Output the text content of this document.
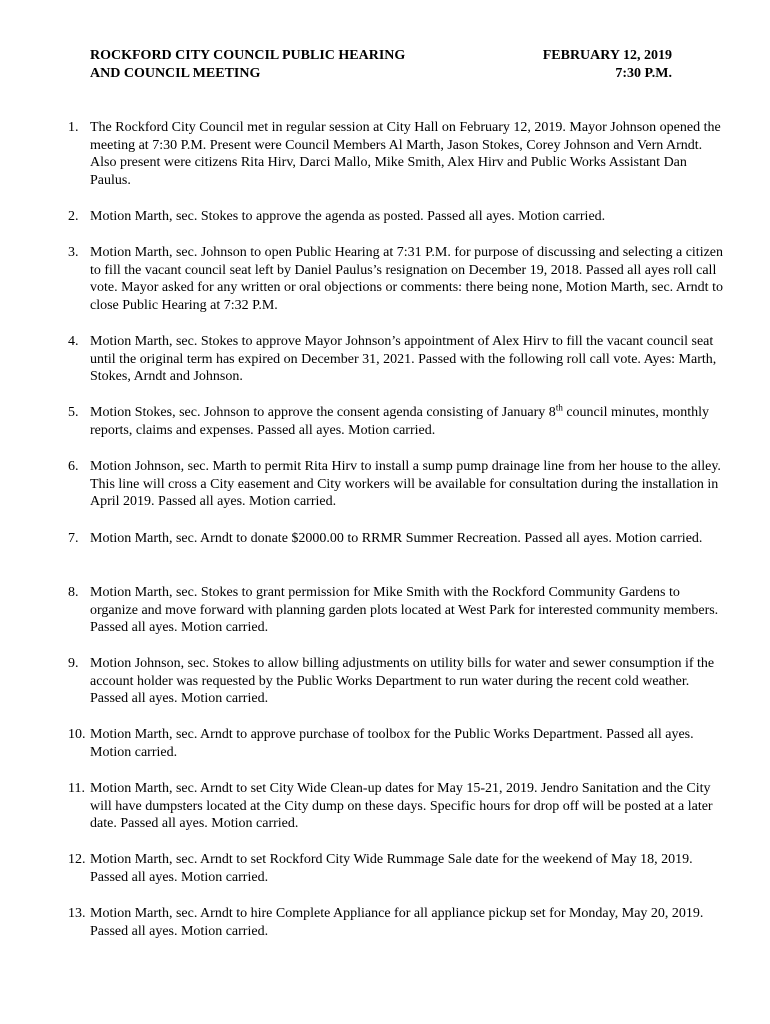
ROCKFORD CITY COUNCIL PUBLIC HEARING
AND COUNCIL MEETING
FEBRUARY 12, 2019
7:30 P.M.
1. The Rockford City Council met in regular session at City Hall on February 12, 2019. Mayor Johnson opened the meeting at 7:30 P.M. Present were Council Members Al Marth, Jason Stokes, Corey Johnson and Vern Arndt. Also present were citizens Rita Hirv, Darci Mallo, Mike Smith, Alex Hirv and Public Works Assistant Dan Paulus.
2. Motion Marth, sec. Stokes to approve the agenda as posted. Passed all ayes. Motion carried.
3. Motion Marth, sec. Johnson to open Public Hearing at 7:31 P.M. for purpose of discussing and selecting a citizen to fill the vacant council seat left by Daniel Paulus’s resignation on December 19, 2018. Passed all ayes roll call vote. Mayor asked for any written or oral objections or comments: there being none, Motion Marth, sec. Arndt to close Public Hearing at 7:32 P.M.
4. Motion Marth, sec. Stokes to approve Mayor Johnson’s appointment of Alex Hirv to fill the vacant council seat until the original term has expired on December 31, 2021. Passed with the following roll call vote. Ayes: Marth, Stokes, Arndt and Johnson.
5. Motion Stokes, sec. Johnson to approve the consent agenda consisting of January 8th council minutes, monthly reports, claims and expenses. Passed all ayes. Motion carried.
6. Motion Johnson, sec. Marth to permit Rita Hirv to install a sump pump drainage line from her house to the alley. This line will cross a City easement and City workers will be available for consultation during the installation in April 2019. Passed all ayes. Motion carried.
7. Motion Marth, sec. Arndt to donate $2000.00 to RRMR Summer Recreation. Passed all ayes. Motion carried.
8. Motion Marth, sec. Stokes to grant permission for Mike Smith with the Rockford Community Gardens to organize and move forward with planning garden plots located at West Park for interested community members. Passed all ayes. Motion carried.
9. Motion Johnson, sec. Stokes to allow billing adjustments on utility bills for water and sewer consumption if the account holder was requested by the Public Works Department to run water during the recent cold weather. Passed all ayes. Motion carried.
10. Motion Marth, sec. Arndt to approve purchase of toolbox for the Public Works Department. Passed all ayes. Motion carried.
11. Motion Marth, sec. Arndt to set City Wide Clean-up dates for May 15-21, 2019. Jendro Sanitation and the City will have dumpsters located at the City dump on these days. Specific hours for drop off will be posted at a later date. Passed all ayes. Motion carried.
12. Motion Marth, sec. Arndt to set Rockford City Wide Rummage Sale date for the weekend of May 18, 2019. Passed all ayes. Motion carried.
13. Motion Marth, sec. Arndt to hire Complete Appliance for all appliance pickup set for Monday, May 20, 2019. Passed all ayes. Motion carried.
